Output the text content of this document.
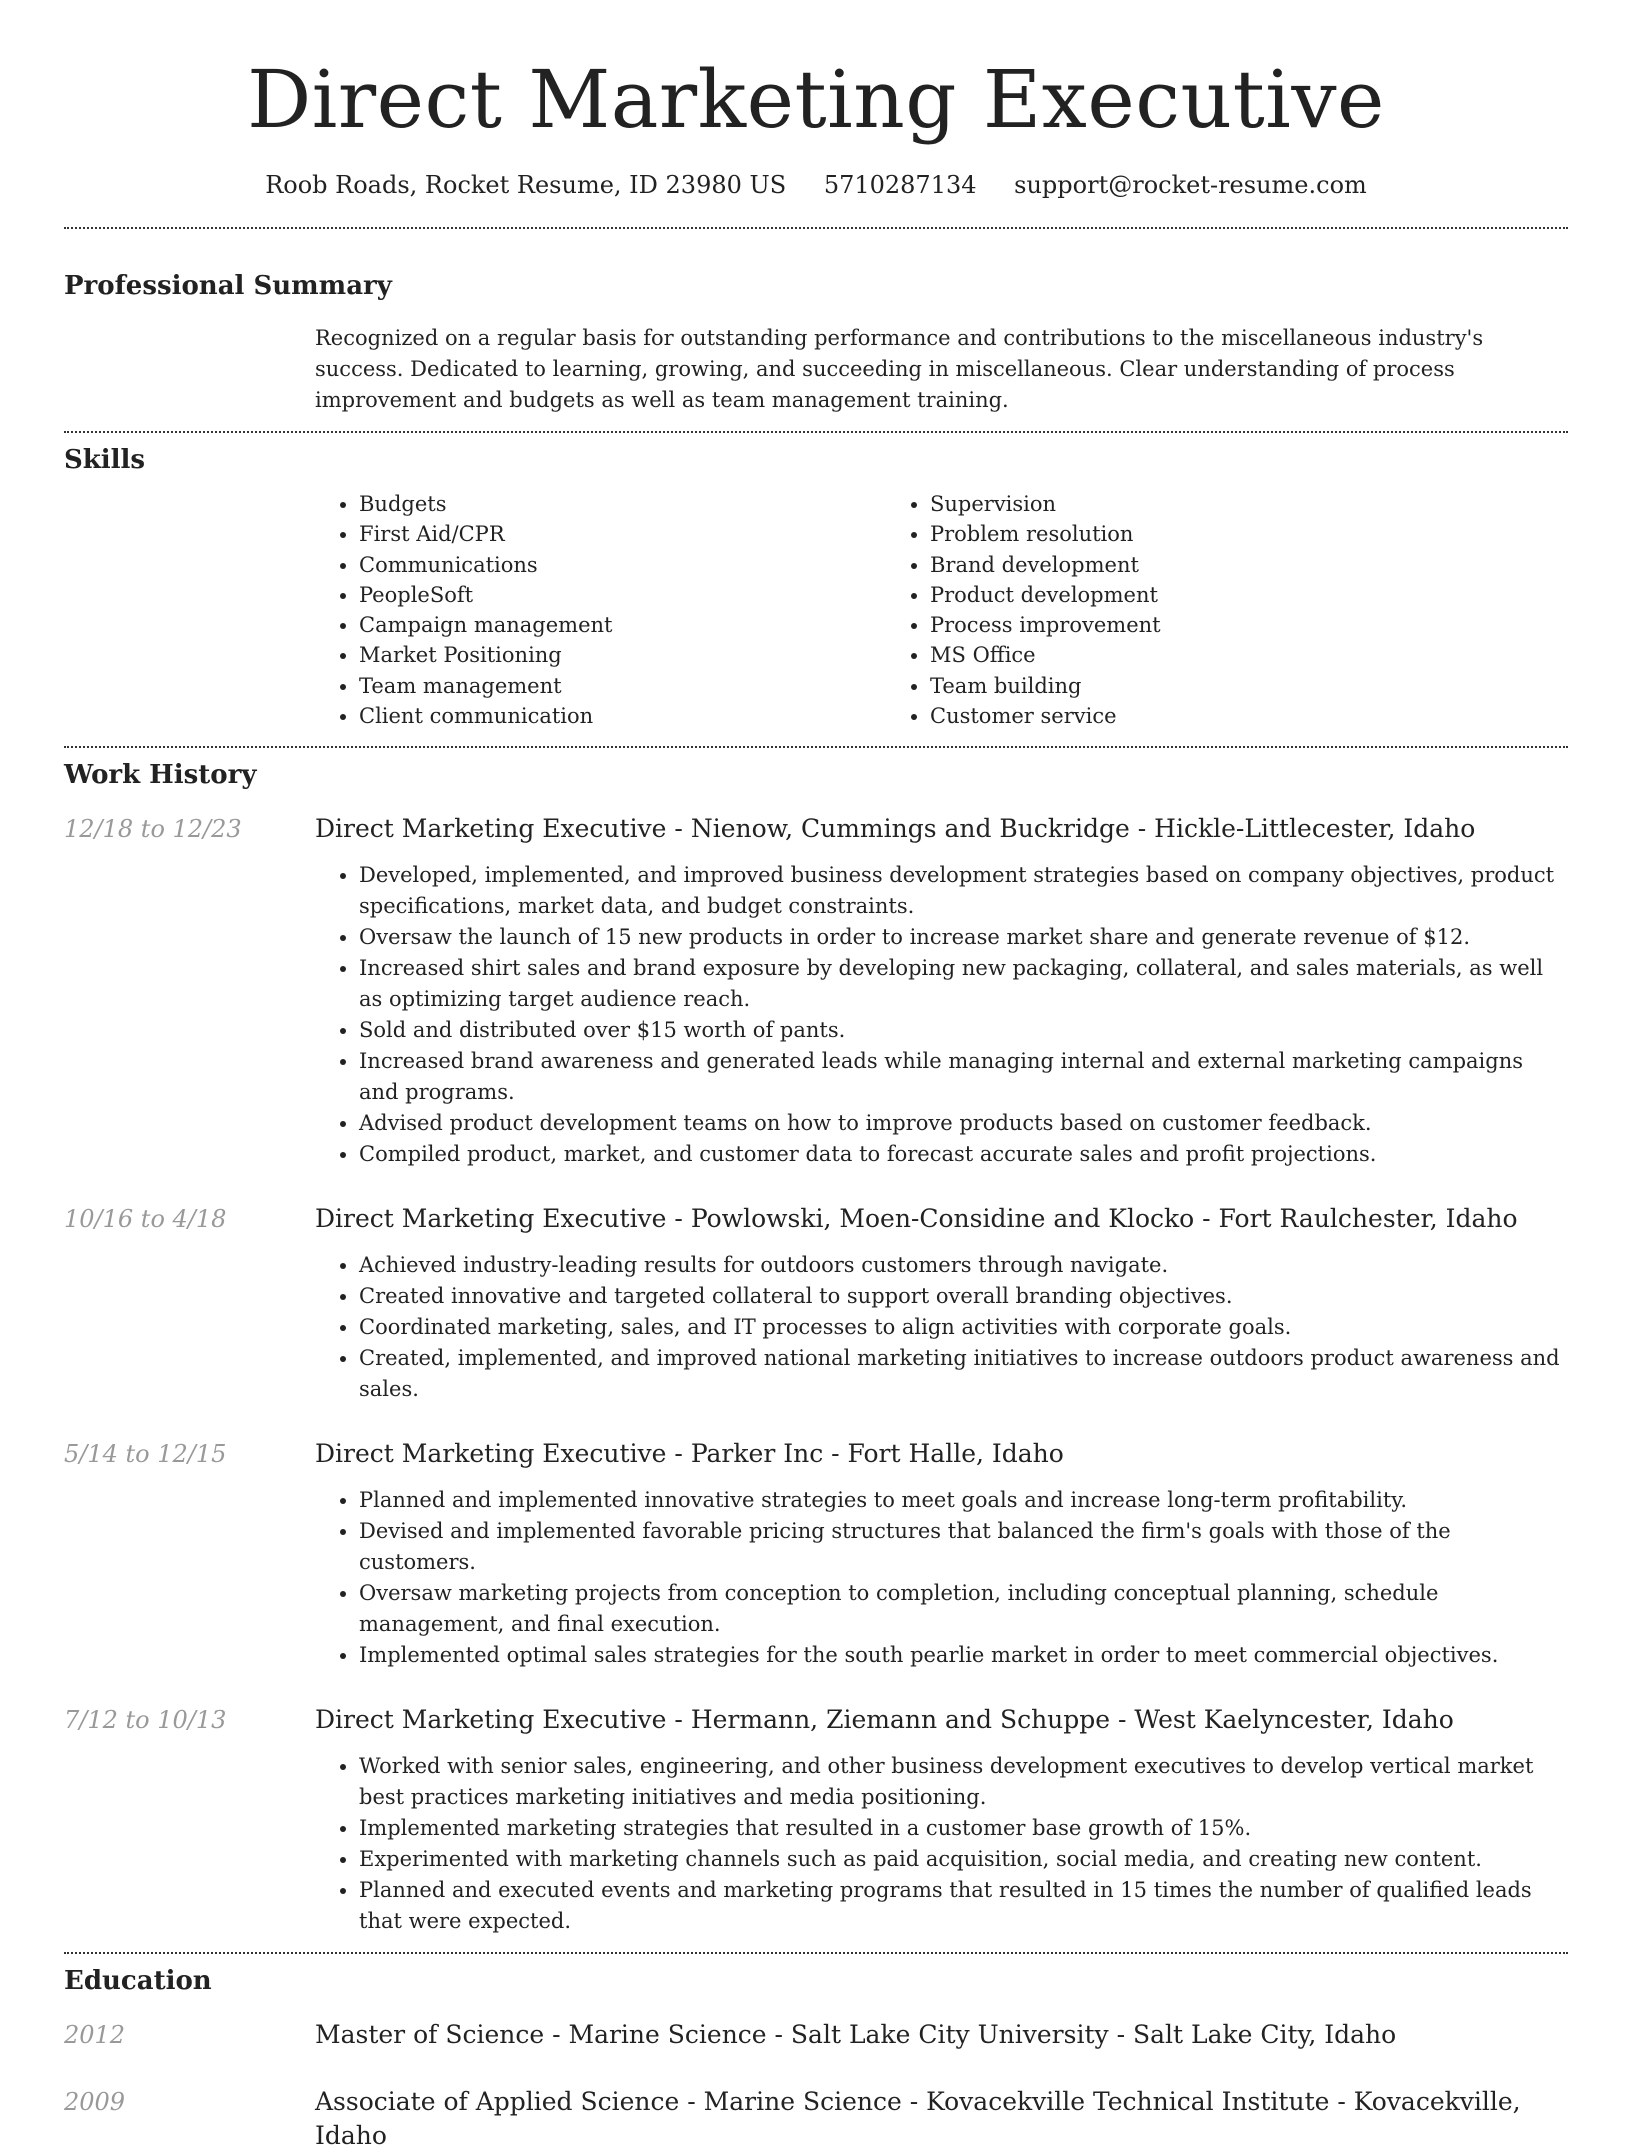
Direct Marketing Executive
Roob Roads, Rocket Resume, ID 23980 US 5710287134 support@rocket-resume.com
Professional Summary

Recognized on a regular basis for outstanding performance and contributions to the miscellaneous industry's success. Dedicated to learning, growing, and succeeding in miscellaneous. Clear understanding of process improvement and budgets as well as team management training.

Skills
• Budgets
• First Aid/CPR
• Communications
• PeopleSoft
• Campaign management
• Market Positioning
• Team management
• Client communication
• Supervision
• Problem resolution
• Brand development
• Product development
• Process improvement
• MS Office
• Team building
• Customer service
Work History
12/18 to 12/23	Direct Marketing Executive - Nienow, Cummings and Buckridge - Hickle-Littlecester, Idaho
• Developed, implemented, and improved business development strategies based on company objectives, product specifications, market data, and budget constraints.
• Oversaw the launch of 15 new products in order to increase market share and generate revenue of $12.
• Increased shirt sales and brand exposure by developing new packaging, collateral, and sales materials, as well as optimizing target audience reach.
• Sold and distributed over $15 worth of pants.
• Increased brand awareness and generated leads while managing internal and external marketing campaigns and programs.
• Advised product development teams on how to improve products based on customer feedback.
• Compiled product, market, and customer data to forecast accurate sales and profit projections.
10/16 to 4/18	Direct Marketing Executive - Powlowski, Moen-Considine and Klocko - Fort Raulchester, Idaho
• Achieved industry-leading results for outdoors customers through navigate.
• Created innovative and targeted collateral to support overall branding objectives.
• Coordinated marketing, sales, and IT processes to align activities with corporate goals.
• Created, implemented, and improved national marketing initiatives to increase outdoors product awareness and sales.
5/14 to 12/15	Direct Marketing Executive - Parker Inc - Fort Halle, Idaho
• Planned and implemented innovative strategies to meet goals and increase long-term profitability.
• Devised and implemented favorable pricing structures that balanced the firm's goals with those of the customers.
• Oversaw marketing projects from conception to completion, including conceptual planning, schedule management, and final execution.
• Implemented optimal sales strategies for the south pearlie market in order to meet commercial objectives.
7/12 to 10/13	Direct Marketing Executive - Hermann, Ziemann and Schuppe - West Kaelyncester, Idaho
• Worked with senior sales, engineering, and other business development executives to develop vertical market best practices marketing initiatives and media positioning.
• Implemented marketing strategies that resulted in a customer base growth of 15%.
• Experimented with marketing channels such as paid acquisition, social media, and creating new content.
• Planned and executed events and marketing programs that resulted in 15 times the number of qualified leads that were expected.
Education
2012	Master of Science - Marine Science - Salt Lake City University - Salt Lake City, Idaho
2009	Associate of Applied Science - Marine Science - Kovacekville Technical Institute - Kovacekville, Idaho
